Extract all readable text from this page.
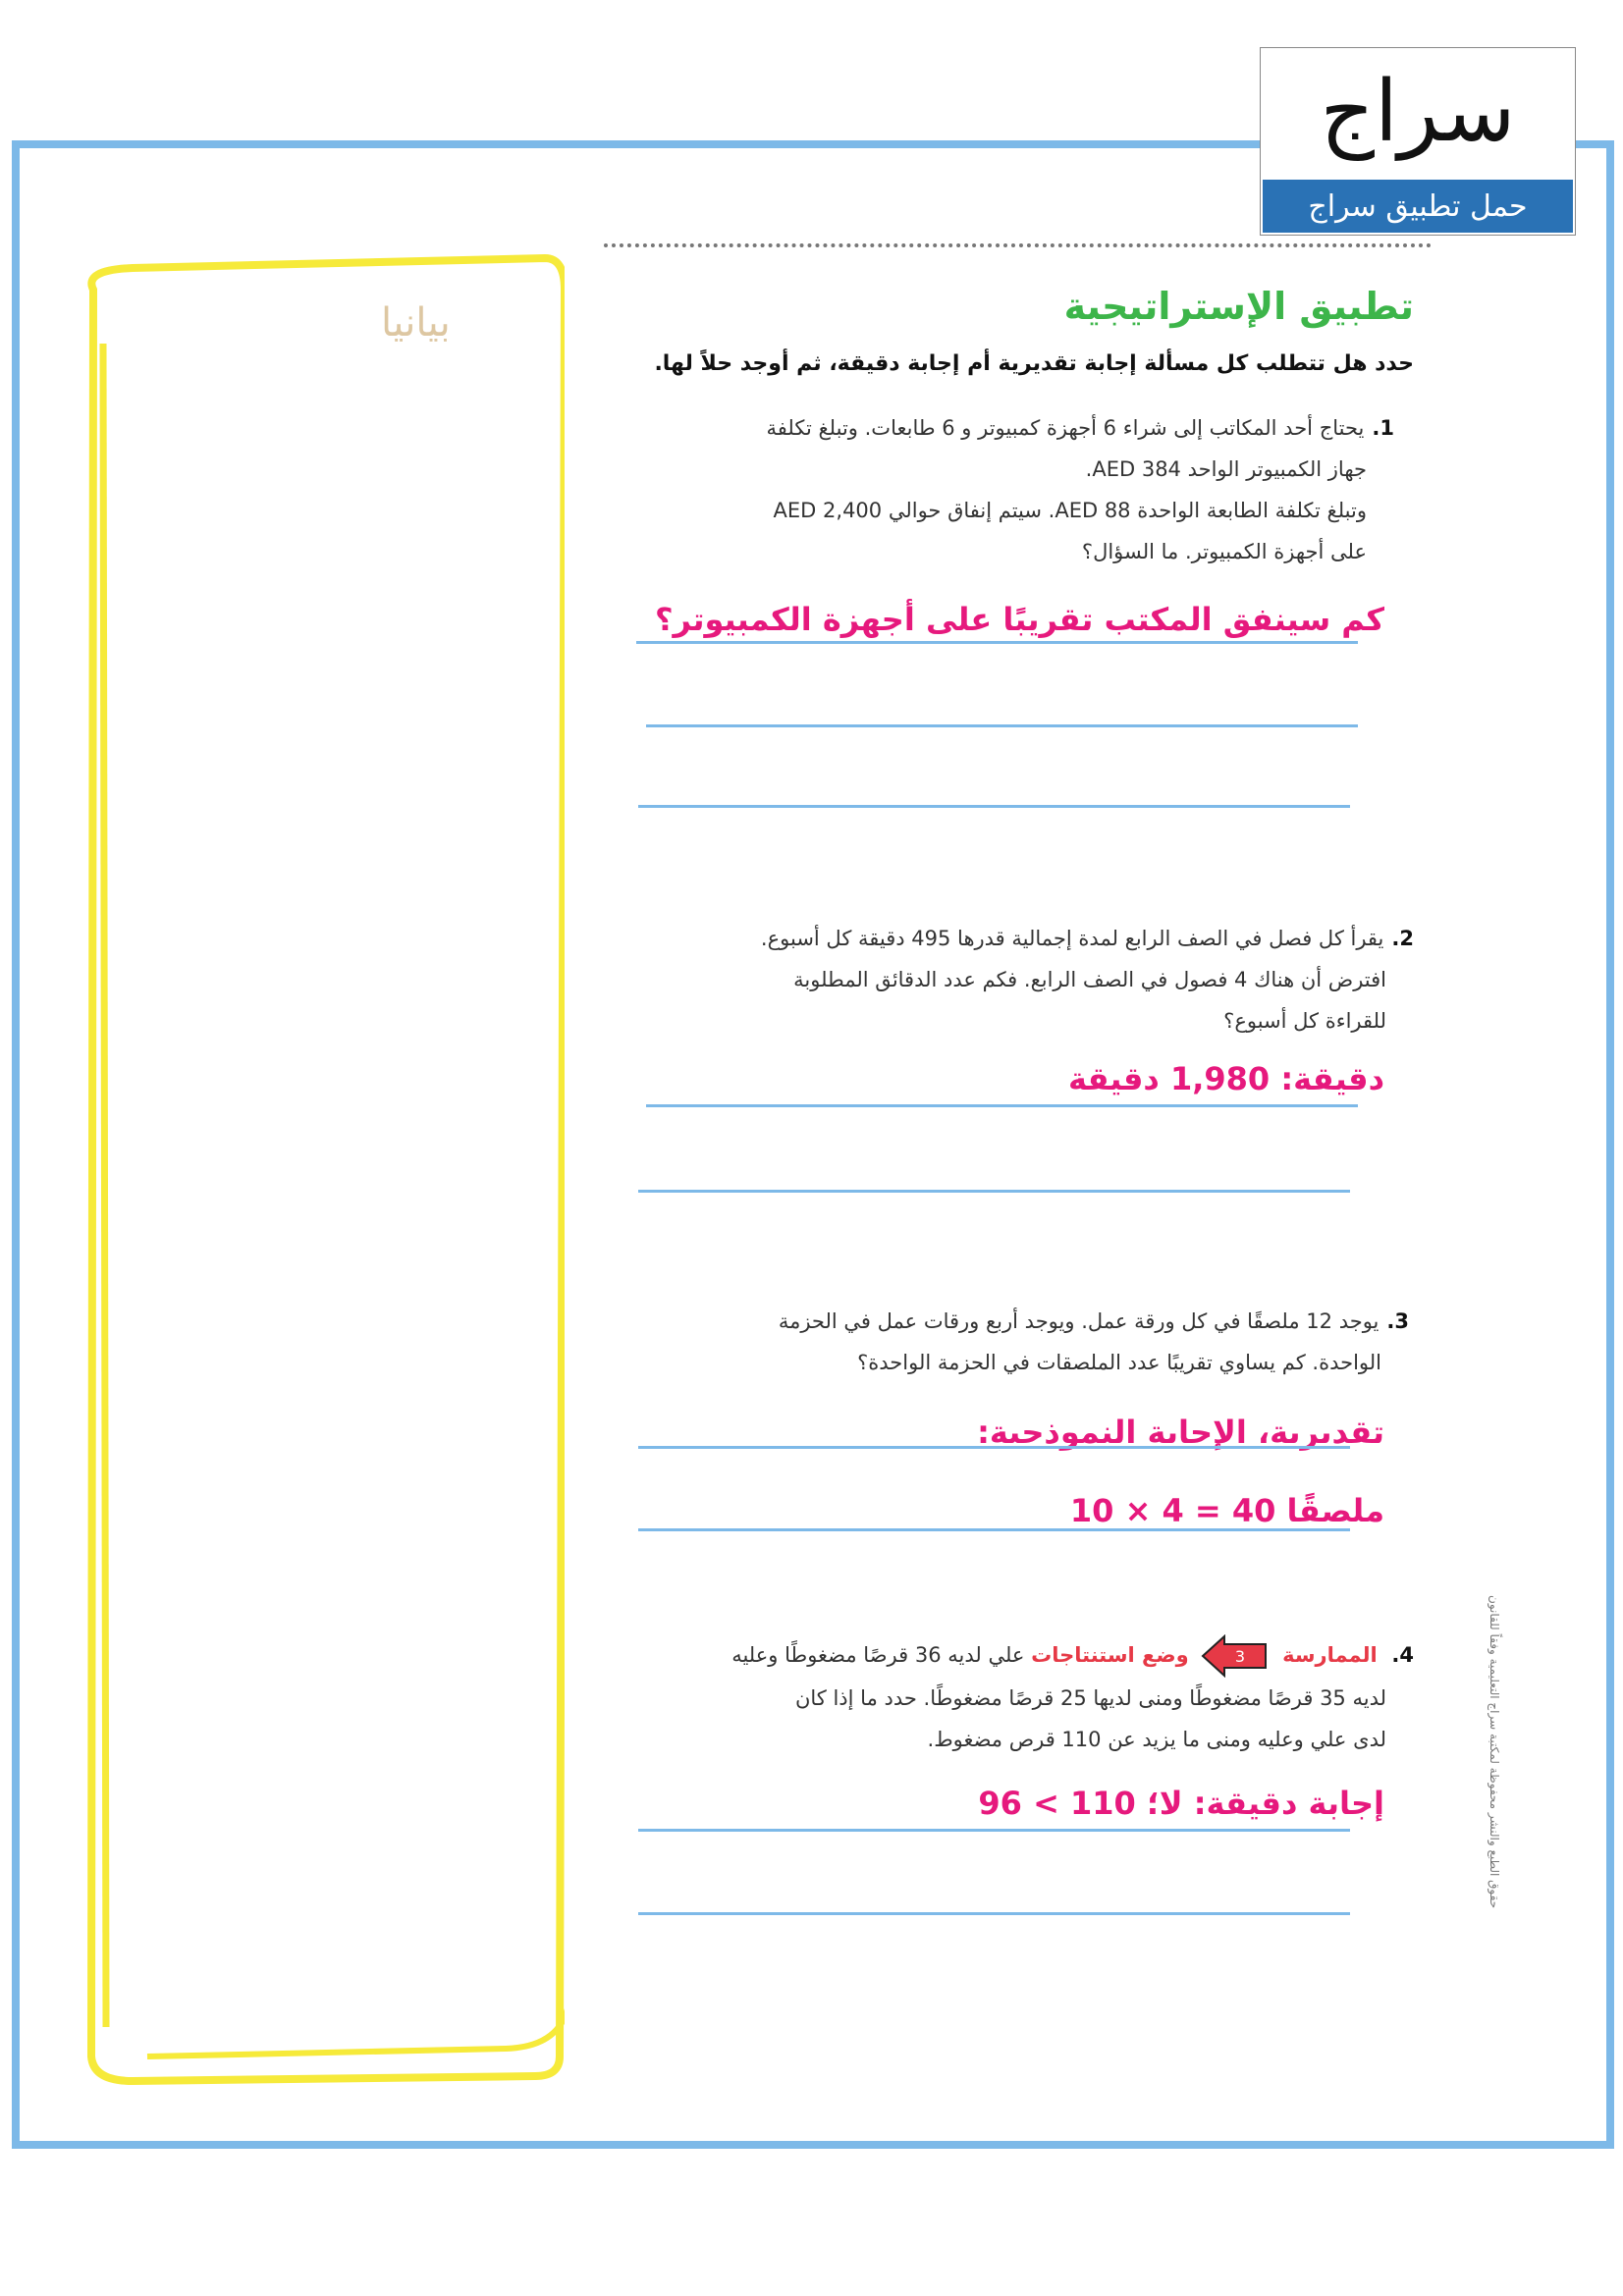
سراج
حمل تطبيق سراج
بيانيا	تطبيق الإستراتيجية
حدد هل تتطلب كل مسألة إجابة تقديرية أم إجابة دقيقة، ثم أوجد حلاً لها.
1.يحتاج أحد المكاتب إلى شراء 6 أجهزة كمبيوتر و 6 طابعات. وتبلغ تكلفة
جهاز الكمبيوتر الواحد AED 384.
وتبلغ تكلفة الطابعة الواحدة AED 88. سيتم إنفاق حوالي AED 2,400
على أجهزة الكمبيوتر. ما السؤال؟
كم سينفق المكتب تقريبًا على أجهزة الكمبيوتر؟
2.يقرأ كل فصل في الصف الرابع لمدة إجمالية قدرها 495 دقيقة كل أسبوع.
افترض أن هناك 4 فصول في الصف الرابع. فكم عدد الدقائق المطلوبة
للقراءة كل أسبوع؟
دقيقة: 1,980 دقيقة
3.يوجد 12 ملصقًا في كل ورقة عمل. ويوجد أربع ورقات عمل في الحزمة
الواحدة. كم يساوي تقريبًا عدد الملصقات في الحزمة الواحدة؟
تقديرية، الإجابة النموذجية:
ملصقًا 40 = 4 × 10
4. الممارسة
3
وضع استنتاجات علي لديه 36 قرصًا مضغوطًا وعليه
لديه 35 قرصًا مضغوطًا ومنى لديها 25 قرصًا مضغوطًا. حدد ما إذا كان
لدى علي وعليه ومنى ما يزيد عن 110 قرص مضغوط.
إجابة دقيقة: لا؛ 110 > 96	حقوق الطبع والنشر محفوظة لمكتبة سراج التعليمية وفقاً للقانون
